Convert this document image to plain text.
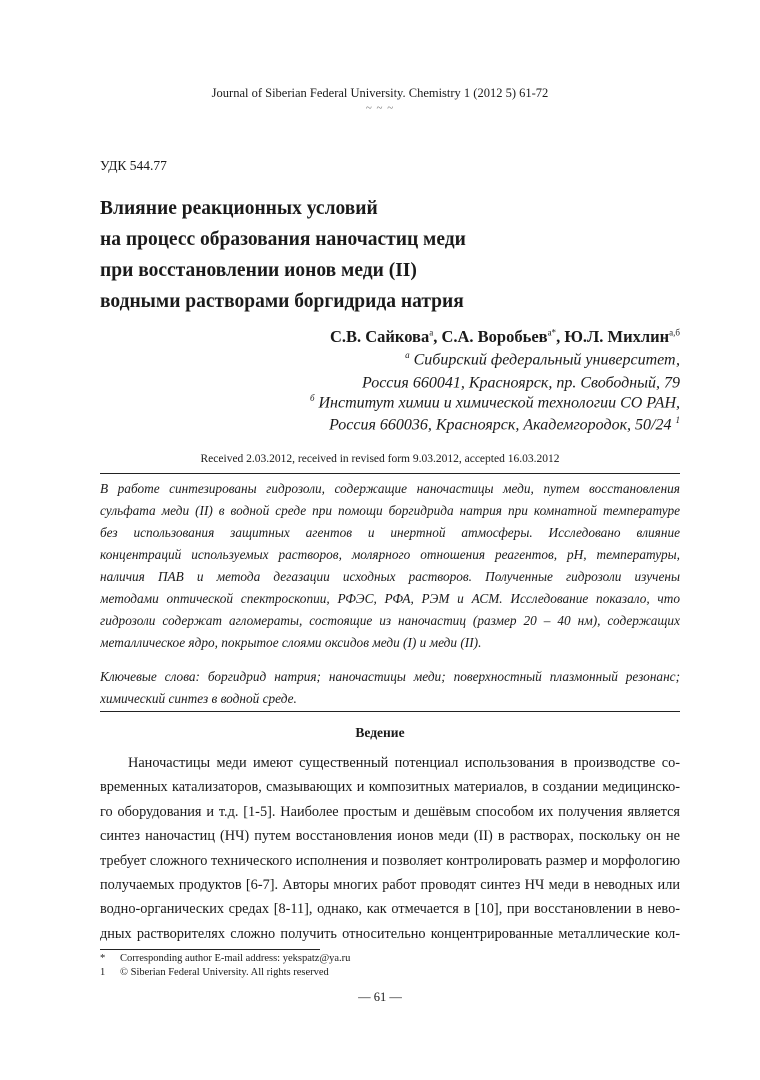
Journal of Siberian Federal University. Chemistry 1 (2012 5) 61-72
~ ~ ~
УДК 544.77
Влияние реакционных условий
на процесс образования наночастиц меди
при восстановлении ионов меди (II)
водными растворами боргидрида натрия
С.В. Сайкова$^а$, С.А. Воробьев$^{а*}$, Ю.Л. Михлин$^{а,б}$
$^а$ Сибирский федеральный университет,
Россия 660041, Красноярск, пр. Свободный, 79
$^б$ Институт химии и химической технологии СО РАН,
Россия 660036, Красноярск, Академгородок, 50/24 $^1$
Received 2.03.2012, received in revised form 9.03.2012, accepted 16.03.2012
В работе синтезированы гидрозоли, содержащие наночастицы меди, путем восстановления
сульфата меди (II) в водной среде при помощи боргидрида натрия при комнатной температуре
без использования защитных агентов и инертной атмосферы. Исследовано влияние
концентраций используемых растворов, молярного отношения реагентов, pH, температуры,
наличия ПАВ и метода дегазации исходных растворов. Полученные гидрозоли изучены
методами оптической спектроскопии, РФЭС, РФА, РЭМ и АСМ. Исследование показало, что
гидрозоли содержат агломераты, состоящие из наночастиц (размер 20 – 40 нм), содержащих
металлическое ядро, покрытое слоями оксидов меди (I) и меди (II).
Ключевые слова: боргидрид натрия; наночастицы меди; поверхностный плазмонный резонанс;
химический синтез в водной среде.
Ведение
Наночастицы меди имеют существенный потенциал использования в производстве со-
временных катализаторов, смазывающих и композитных материалов, в создании медицинско-
го оборудования и т.д. [1-5]. Наиболее простым и дешёвым способом их получения является
синтез наночастиц (НЧ) путем восстановления ионов меди (II) в растворах, поскольку он не
требует сложного технического исполнения и позволяет контролировать размер и морфологию
получаемых продуктов [6-7]. Авторы многих работ проводят синтез НЧ меди в неводных или
водно-органических средах [8-11], однако, как отмечается в [10], при восстановлении в нево-
дных растворителях сложно получить относительно концентрированные металлические кол-
* Corresponding author E-mail address: yekspatz@ya.ru
1 © Siberian Federal University. All rights reserved
— 61 —
